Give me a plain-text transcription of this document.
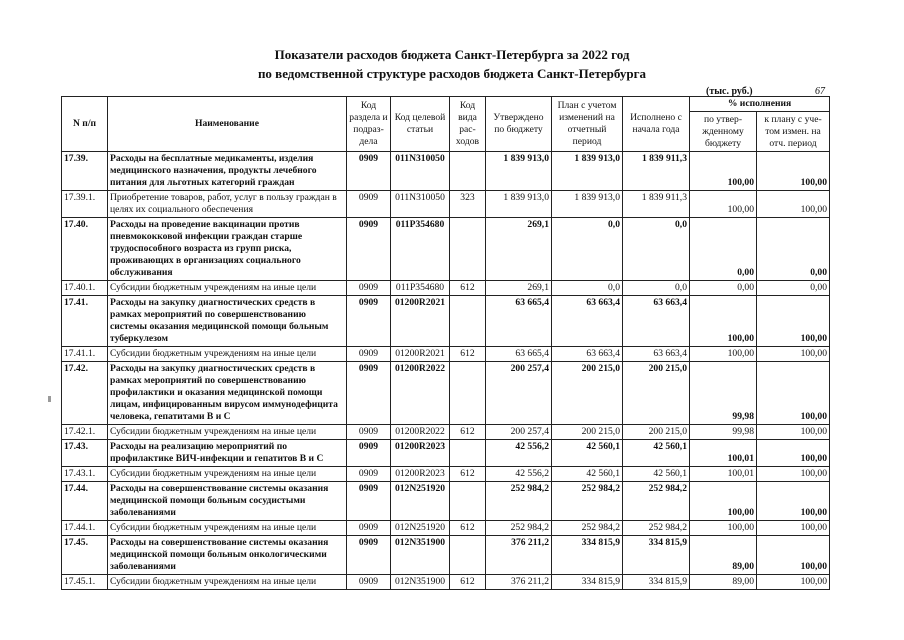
Показатели расходов бюджета Санкт-Петербурга за 2022 год
по ведомственной структуре расходов бюджета Санкт-Петербурга
(тыс. руб.)	67
N п/п	Наименование	Код раздела и подраз-дела	Код целевой статьи	Код вида рас-ходов	Утверждено по бюджету	План с учетом изменений на отчетный период	Исполнено с начала года	% исполнения	
								по утвер-жденному бюджету	к плану с уче-том измен. на отч. период
17.39.	Расходы на бесплатные медикаменты, изделия медицинского назначения, продукты лечебного питания для льготных категорий граждан	0909	011N310050		1 839 913,0	1 839 913,0	1 839 911,3	100,00	100,00
17.39.1.	Приобретение товаров, работ, услуг в пользу граждан в целях их социального обеспечения	0909	011N310050	323	1 839 913,0	1 839 913,0	1 839 911,3	100,00	100,00
17.40.	Расходы на проведение вакцинации против пневмококковой инфекции граждан старше трудоспособного возраста из групп риска, проживающих в организациях социального обслуживания	0909	011P354680		269,1	0,0	0,0	0,00	0,00
17.40.1.	Субсидии бюджетным учреждениям на иные цели	0909	011P354680	612	269,1	0,0	0,0	0,00	0,00
17.41.	Расходы на закупку диагностических средств в рамках мероприятий по совершенствованию системы оказания медицинской помощи больным туберкулезом	0909	01200R2021		63 665,4	63 663,4	63 663,4	100,00	100,00
17.41.1.	Субсидии бюджетным учреждениям на иные цели	0909	01200R2021	612	63 665,4	63 663,4	63 663,4	100,00	100,00
17.42.	Расходы на закупку диагностических средств в рамках мероприятий по совершенствованию профилактики и оказания медицинской помощи лицам, инфицированным вирусом иммунодефицита человека, гепатитами B и C	0909	01200R2022		200 257,4	200 215,0	200 215,0	99,98	100,00
17.42.1.	Субсидии бюджетным учреждениям на иные цели	0909	01200R2022	612	200 257,4	200 215,0	200 215,0	99,98	100,00
17.43.	Расходы на реализацию мероприятий по профилактике ВИЧ-инфекции и гепатитов B и C	0909	01200R2023		42 556,2	42 560,1	42 560,1	100,01	100,00
17.43.1.	Субсидии бюджетным учреждениям на иные цели	0909	01200R2023	612	42 556,2	42 560,1	42 560,1	100,01	100,00
17.44.	Расходы на совершенствование системы оказания медицинской помощи больным сосудистыми заболеваниями	0909	012N251920		252 984,2	252 984,2	252 984,2	100,00	100,00
17.44.1.	Субсидии бюджетным учреждениям на иные цели	0909	012N251920	612	252 984,2	252 984,2	252 984,2	100,00	100,00
17.45.	Расходы на совершенствование системы оказания медицинской помощи больным онкологическими заболеваниями	0909	012N351900		376 211,2	334 815,9	334 815,9	89,00	100,00
17.45.1.	Субсидии бюджетным учреждениям на иные цели	0909	012N351900	612	376 211,2	334 815,9	334 815,9	89,00	100,00
